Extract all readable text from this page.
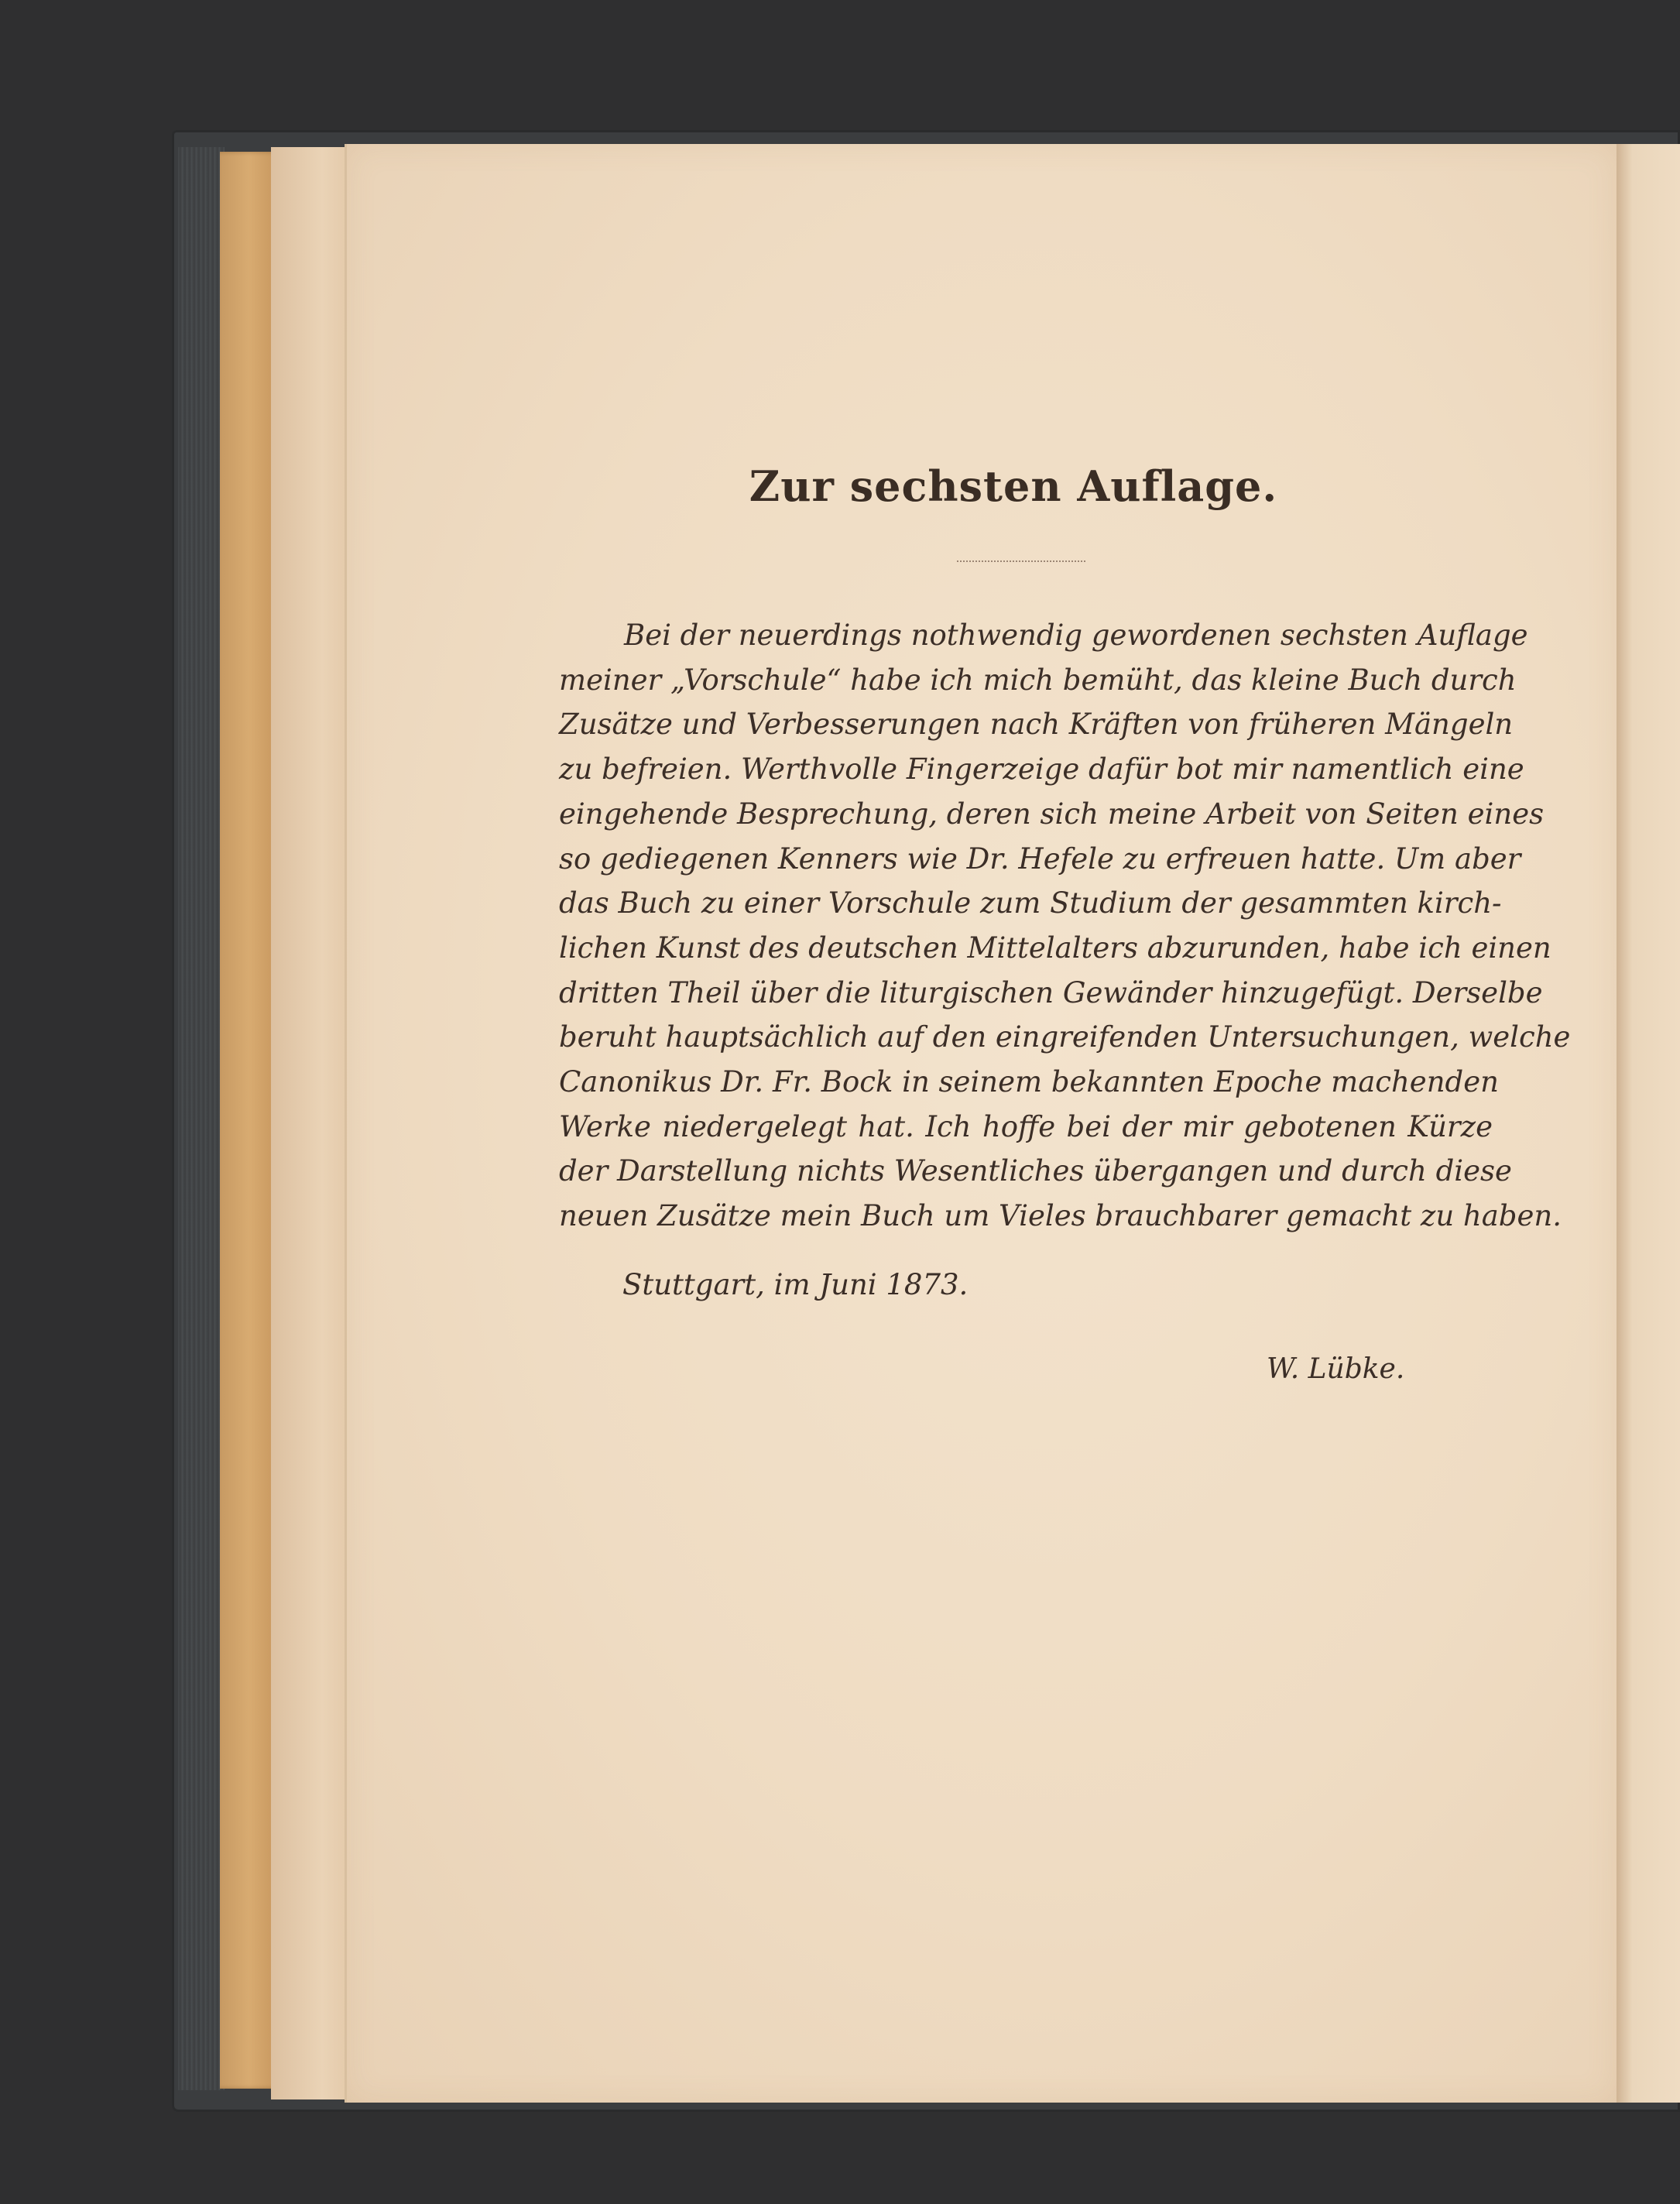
Zur sechsten Auflage.
Bei der neuerdings nothwendig gewordenen sechsten Auflage
meiner „Vorschule“ habe ich mich bemüht, das kleine Buch durch
Zusätze und Verbesserungen nach Kräften von früheren Mängeln
zu befreien. Werthvolle Fingerzeige dafür bot mir namentlich eine
eingehende Besprechung, deren sich meine Arbeit von Seiten eines
so gediegenen Kenners wie Dr. Hefele zu erfreuen hatte. Um aber
das Buch zu einer Vorschule zum Studium der gesammten kirch-
lichen Kunst des deutschen Mittelalters abzurunden, habe ich einen
dritten Theil über die liturgischen Gewänder hinzugefügt. Derselbe
beruht hauptsächlich auf den eingreifenden Untersuchungen, welche
Canonikus Dr. Fr. Bock in seinem bekannten Epoche machenden
Werke niedergelegt hat. Ich hoffe bei der mir gebotenen Kürze
der Darstellung nichts Wesentliches übergangen und durch diese
neuen Zusätze mein Buch um Vieles brauchbarer gemacht zu haben.
Stuttgart, im Juni 1873.
W. Lübke.
